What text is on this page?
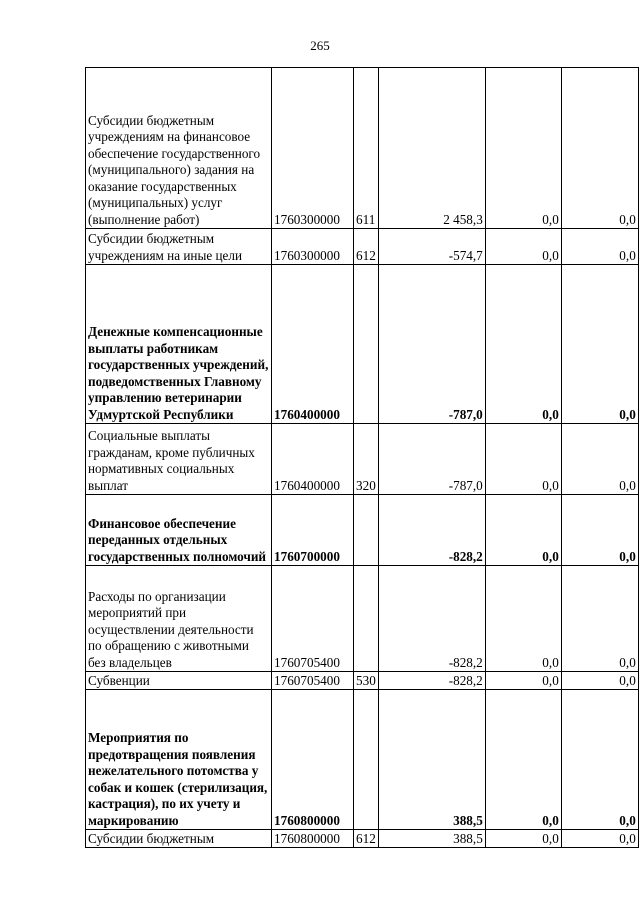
265
Субсидии бюджетным учреждениям на финансовое обеспечение государственного (муниципального) задания на оказание государственных (муниципальных) услуг (выполнение работ)	1760300000	611	2 458,3	0,0	0,0
Субсидии бюджетным учреждениям на иные цели	1760300000	612	-574,7	0,0	0,0
Денежные компенсационные выплаты работникам государственных учреждений, подведомственных Главному управлению ветеринарии Удмуртской Республики	1760400000		-787,0	0,0	0,0
Социальные выплаты гражданам, кроме публичных нормативных социальных выплат	1760400000	320	-787,0	0,0	0,0
Финансовое обеспечение переданных отдельных государственных полномочий	1760700000		-828,2	0,0	0,0
Расходы по организации мероприятий при осуществлении деятельности по обращению с животными без владельцев	1760705400		-828,2	0,0	0,0
Субвенции	1760705400	530	-828,2	0,0	0,0
Мероприятия по предотвращения появления нежелательного потомства у собак и кошек (стерилизация, кастрация), по их учету и маркированию	1760800000		388,5	0,0	0,0
Субсидии бюджетным	1760800000	612	388,5	0,0	0,0
